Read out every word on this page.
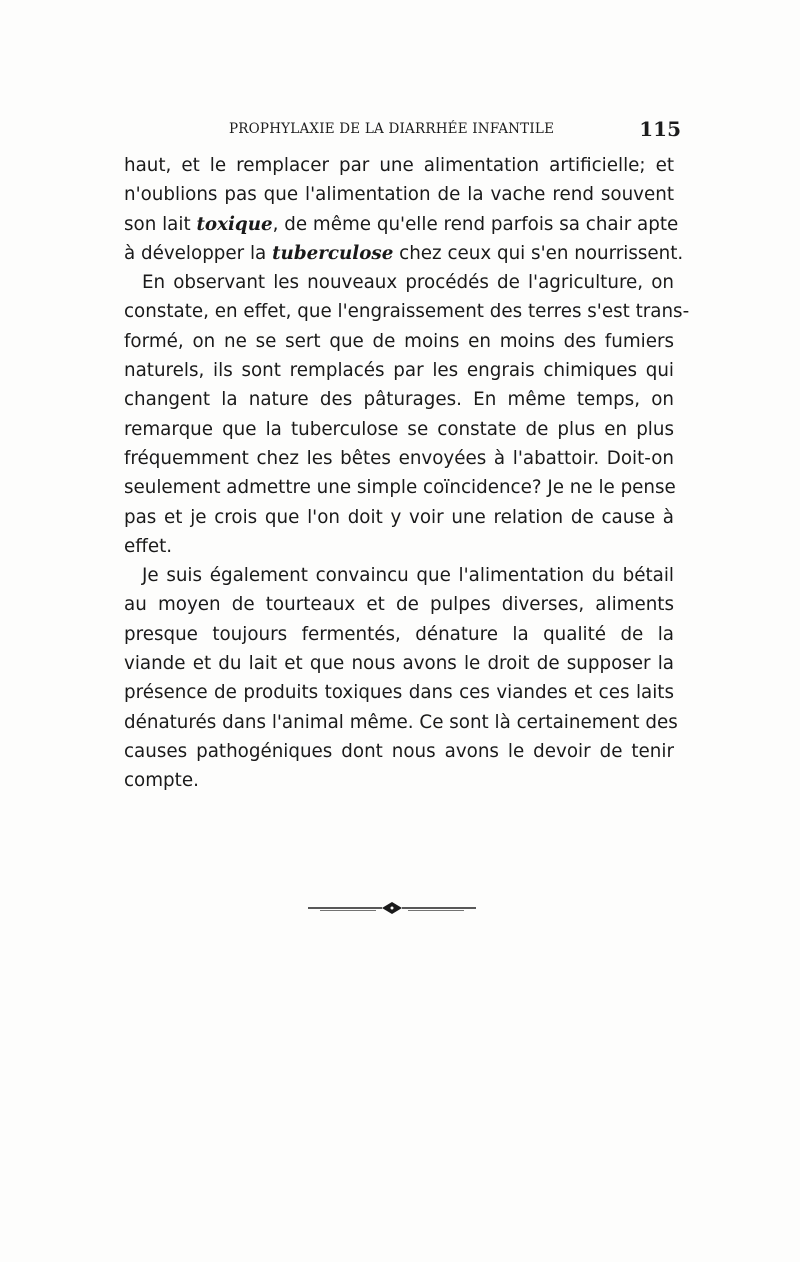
PROPHYLAXIE DE LA DIARRHÉE INFANTILE	115
haut, et le remplacer par une alimentation artificielle; et
n'oublions pas que l'alimentation de la vache rend souvent
son lait toxique, de même qu'elle rend parfois sa chair apte
à développer la tuberculose chez ceux qui s'en nourrissent.
En observant les nouveaux procédés de l'agriculture, on
constate, en effet, que l'engraissement des terres s'est trans-
formé, on ne se sert que de moins en moins des fumiers
naturels, ils sont remplacés par les engrais chimiques qui
changent la nature des pâturages. En même temps, on
remarque que la tuberculose se constate de plus en plus
fréquemment chez les bêtes envoyées à l'abattoir. Doit-on
seulement admettre une simple coïncidence? Je ne le pense
pas et je crois que l'on doit y voir une relation de cause à
effet.
Je suis également convaincu que l'alimentation du bétail
au moyen de tourteaux et de pulpes diverses, aliments
presque toujours fermentés, dénature la qualité de la
viande et du lait et que nous avons le droit de supposer la
présence de produits toxiques dans ces viandes et ces laits
dénaturés dans l'animal même. Ce sont là certainement des
causes pathogéniques dont nous avons le devoir de tenir
compte.
